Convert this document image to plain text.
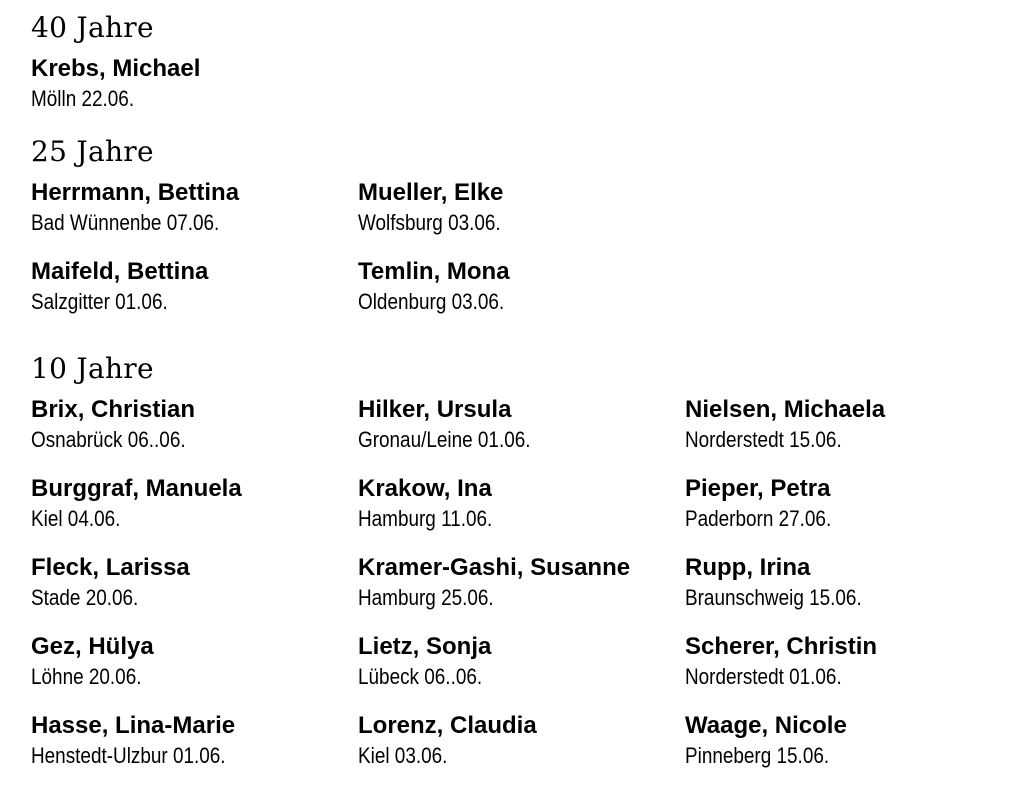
40 Jahre
Krebs, Michael
Mölln 22.06.
25 Jahre
Herrmann, Bettina
Bad Wünnenbe 07.06.
Mueller, Elke
Wolfsburg 03.06.
Maifeld, Bettina
Salzgitter 01.06.
Temlin, Mona
Oldenburg 03.06.
10 Jahre
Brix, Christian
Osnabrück 06..06.
Hilker, Ursula
Gronau/Leine 01.06.
Nielsen, Michaela
Norderstedt 15.06.
Burggraf, Manuela
Kiel 04.06.
Krakow, Ina
Hamburg 11.06.
Pieper, Petra
Paderborn 27.06.
Fleck, Larissa
Stade 20.06.
Kramer-Gashi, Susanne
Hamburg 25.06.
Rupp, Irina
Braunschweig 15.06.
Gez, Hülya
Löhne 20.06.
Lietz, Sonja
Lübeck 06..06.
Scherer, Christin
Norderstedt 01.06.
Hasse, Lina-Marie
Henstedt-Ulzbur 01.06.
Lorenz, Claudia
Kiel 03.06.
Waage, Nicole
Pinneberg 15.06.
